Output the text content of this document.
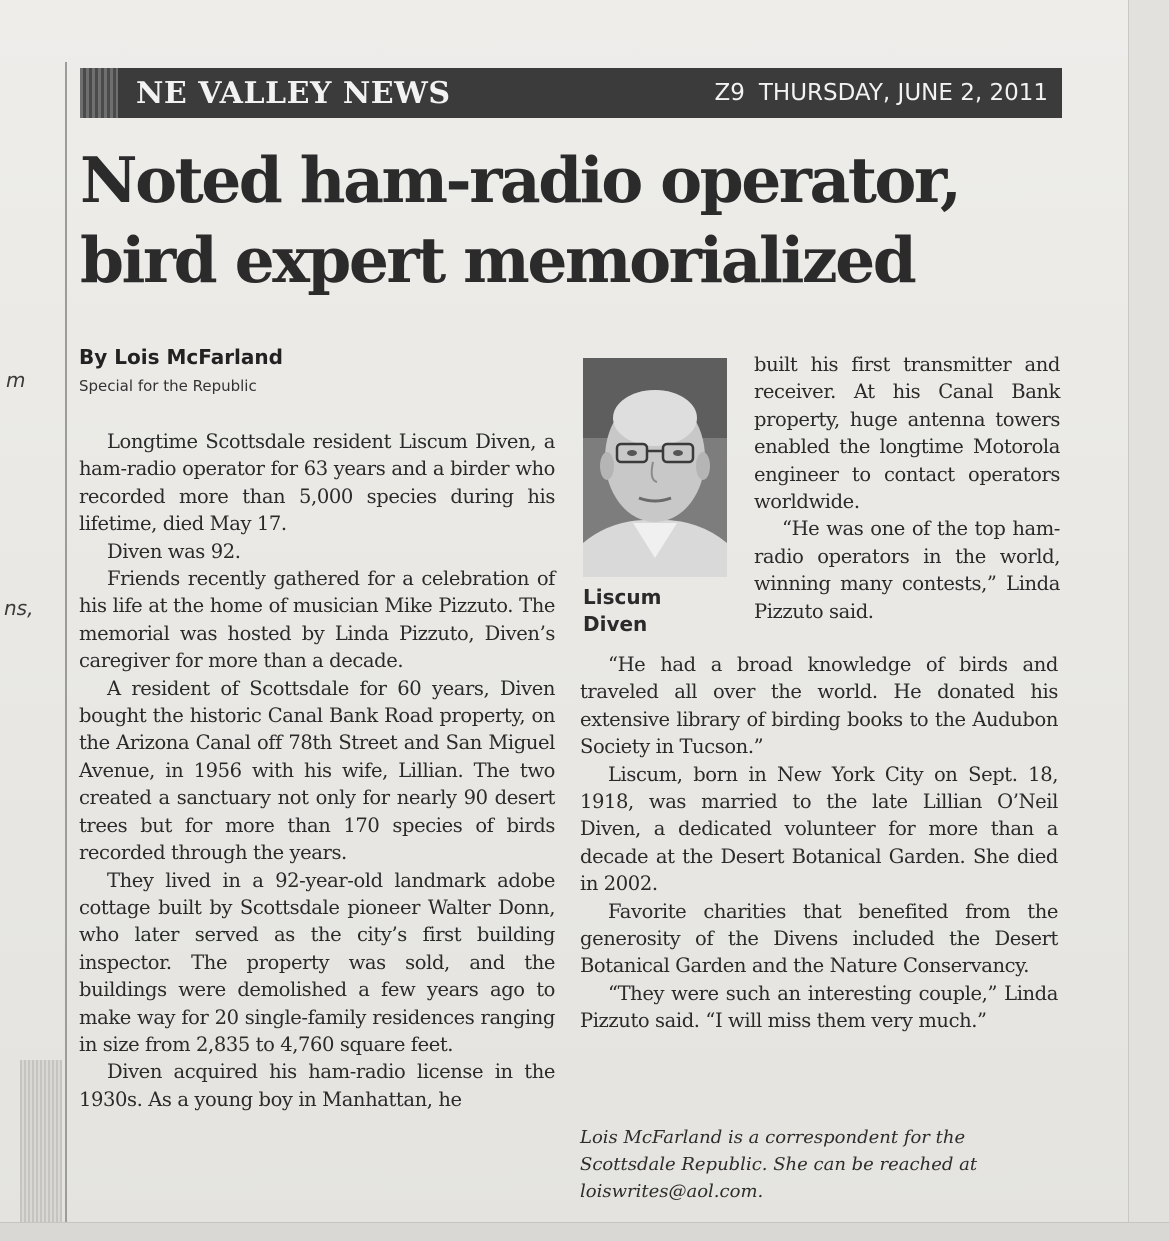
m
ns,
NE VALLEY NEWS	Z9 THURSDAY, JUNE 2, 2011
Noted ham-radio operator,
bird expert memorialized
By Lois McFarland
Special for the Republic

Longtime Scottsdale resident Liscum Diven, a ham-radio operator for 63 years and a birder who recorded more than 5,000 species during his lifetime, died May 17.

Diven was 92.

Friends recently gathered for a celebration of his life at the home of musician Mike Pizzuto. The memorial was hosted by Linda Pizzuto, Diven’s caregiver for more than a decade.

A resident of Scottsdale for 60 years, Diven bought the historic Canal Bank Road property, on the Arizona Canal off 78th Street and San Miguel Avenue, in 1956 with his wife, Lillian. The two created a sanctuary not only for nearly 90 desert trees but for more than 170 species of birds recorded through the years.

They lived in a 92-year-old landmark adobe cottage built by Scottsdale pioneer Walter Donn, who later served as the city’s first building inspector. The property was sold, and the buildings were demolished a few years ago to make way for 20 single-family residences ranging in size from 2,835 to 4,760 square feet.

Diven acquired his ham-radio license in the 1930s. As a young boy in Manhattan, he

Liscum
Diven

built his first transmitter and receiver. At his Canal Bank property, huge antenna towers enabled the longtime Motorola engineer to contact operators worldwide.

“He was one of the top ham-radio operators in the world, winning many contests,” Linda Pizzuto said.

“He had a broad knowledge of birds and traveled all over the world. He donated his extensive library of birding books to the Audubon Society in Tucson.”

Liscum, born in New York City on Sept. 18, 1918, was married to the late Lillian O’Neil Diven, a dedicated volunteer for more than a decade at the Desert Botanical Garden. She died in 2002.

Favorite charities that benefited from the generosity of the Divens included the Desert Botanical Garden and the Nature Conservancy.

“They were such an interesting couple,” Linda Pizzuto said. “I will miss them very much.”

Lois McFarland is a correspondent for the Scottsdale Republic. She can be reached at loiswrites@aol.com.
